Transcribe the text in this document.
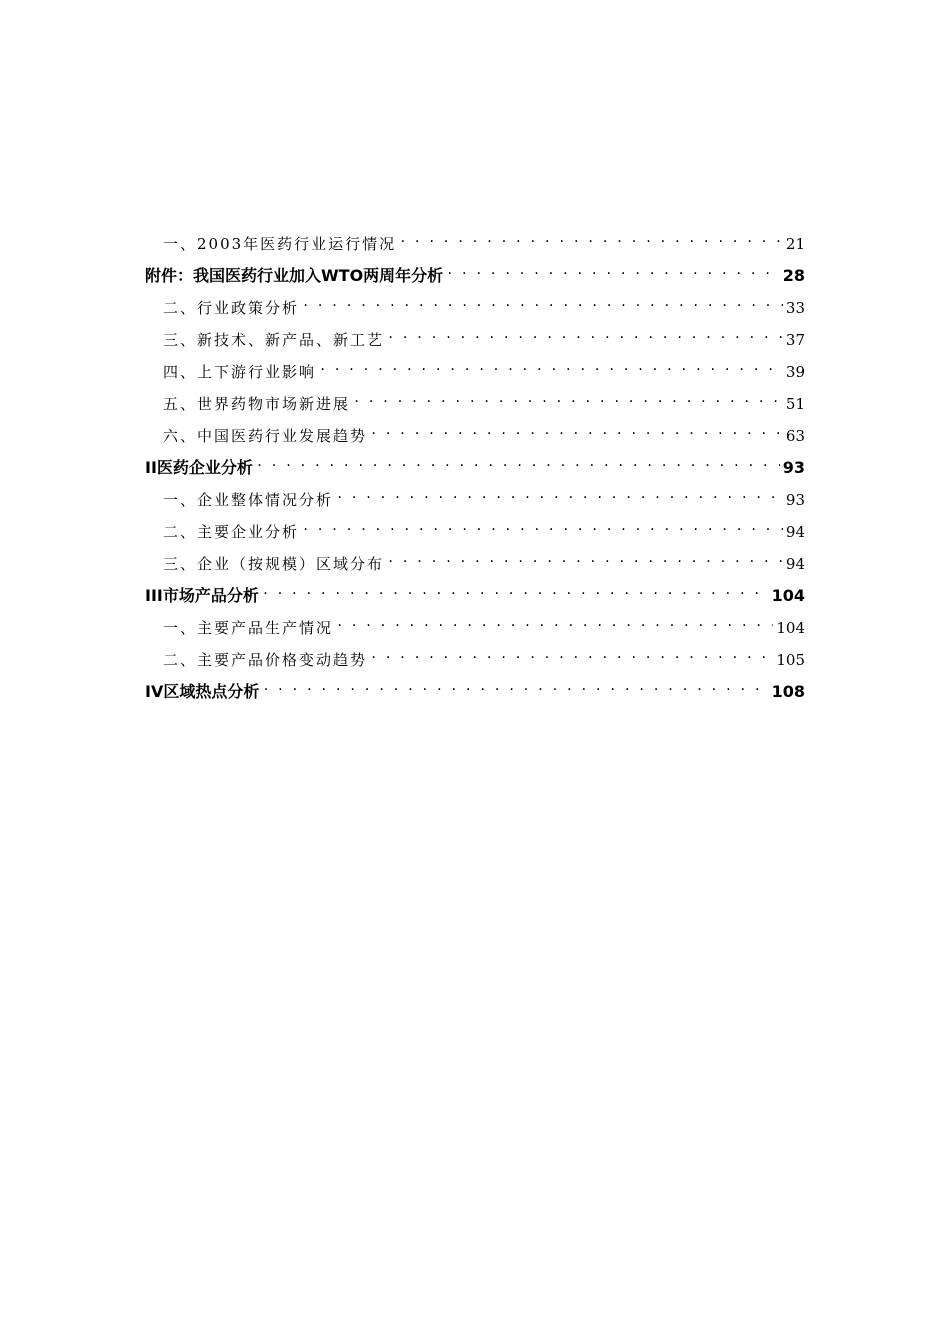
一、2003年医药行业运行情况 . . .	21
附件：我国医药行业加入WTO两周年分析 . . .	28
二、行业政策分析 . . .	33
三、新技术、新产品、新工艺 . . .	37
四、上下游行业影响 . . .	39
五、世界药物市场新进展 . . .	51
六、中国医药行业发展趋势 . . .	63
II医药企业分析 . . .	93
一、企业整体情况分析 . . .	93
二、主要企业分析 . . .	94
三、企业（按规模）区域分布 . . .	94
III市场产品分析 . . .	104
一、主要产品生产情况 . . .	104
二、主要产品价格变动趋势 . . .	105
IV区域热点分析 . . .	108
